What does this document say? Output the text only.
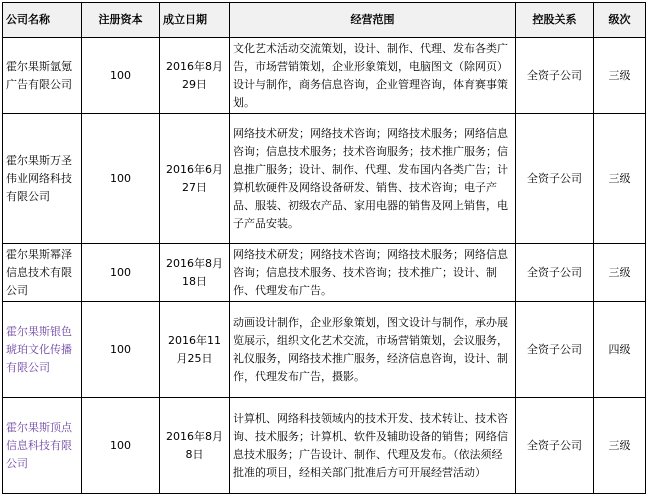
公司名称	注册资本	成立日期	经营范围	控股关系	级次
霍尔果斯氩氪广告有限公司	100	2016年8月29日	文化艺术活动交流策划，设计、制作、代理、发布各类广告，市场营销策划，企业形象策划，电脑图文（除网页）设计与制作，商务信息咨询，企业管理咨询，体育赛事策划。	全资子公司	三级
霍尔果斯万圣伟业网络科技有限公司	100	2016年6月27日	网络技术研发；网络技术咨询；网络技术服务；网络信息咨询；信息技术服务；技术咨询服务；技术推广服务；信息推广服务；设计、制作、代理、发布国内各类广告；计算机软硬件及网络设备研发、销售、技术咨询；电子产品、服装、初级农产品、家用电器的销售及网上销售，电子产品安装。	全资子公司	三级
霍尔果斯幂泽信息技术有限公司	100	2016年8月18日	网络技术研发；网络技术咨询；网络技术服务；网络信息咨询；信息技术服务、技术咨询；技术推广；设计、制作、代理发布广告。	全资子公司	三级
霍尔果斯银色琥珀文化传播有限公司	100	2016年11月25日	动画设计制作，企业形象策划，图文设计与制作，承办展览展示，组织文化艺术交流，市场营销策划，会议服务，礼仪服务，网络技术推广服务，经济信息咨询，设计、制作，代理发布广告，摄影。	全资子公司	四级
霍尔果斯顶点信息科技有限公司	100	2016年8月8日	计算机、网络科技领域内的技术开发、技术转让、技术咨询、技术服务；计算机、软件及辅助设备的销售；网络信息技术服务；广告设计、制作、代理及发布。（依法须经批准的项目，经相关部门批准后方可开展经营活动）	全资子公司	三级
